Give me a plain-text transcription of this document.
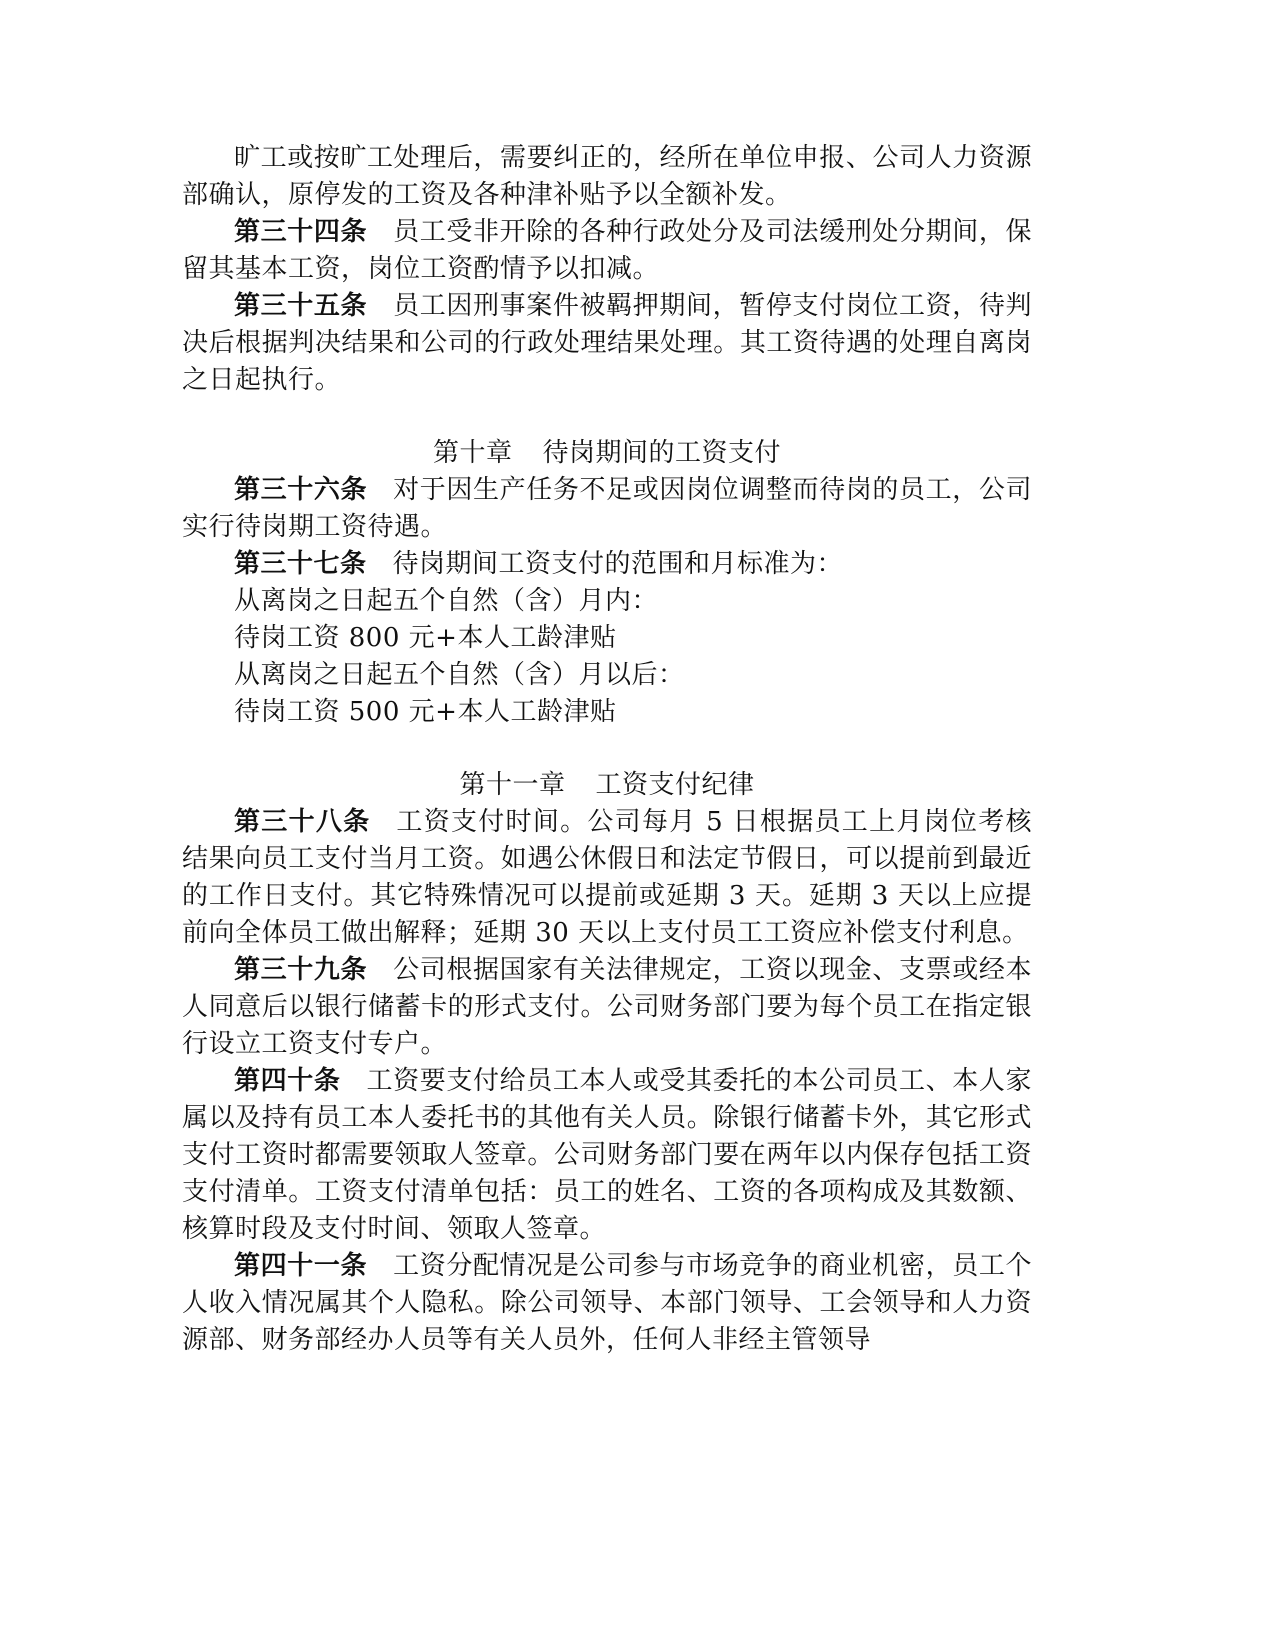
旷工或按旷工处理后，需要纠正的，经所在单位申报、公司人力资源部确认，原停发的工资及各种津补贴予以全额补发。

第三十四条 员工受非开除的各种行政处分及司法缓刑处分期间，保留其基本工资，岗位工资酌情予以扣减。

第三十五条 员工因刑事案件被羁押期间，暂停支付岗位工资，待判决后根据判决结果和公司的行政处理结果处理。其工资待遇的处理自离岗之日起执行。

第十章 待岗期间的工资支付

第三十六条 对于因生产任务不足或因岗位调整而待岗的员工，公司实行待岗期工资待遇。

第三十七条 待岗期间工资支付的范围和月标准为：

从离岗之日起五个自然（含）月内：

待岗工资 800 元+本人工龄津贴

从离岗之日起五个自然（含）月以后：

待岗工资 500 元+本人工龄津贴

第十一章 工资支付纪律

第三十八条 工资支付时间。公司每月 5 日根据员工上月岗位考核结果向员工支付当月工资。如遇公休假日和法定节假日，可以提前到最近的工作日支付。其它特殊情况可以提前或延期 3 天。延期 3 天以上应提前向全体员工做出解释；延期 30 天以上支付员工工资应补偿支付利息。

第三十九条 公司根据国家有关法律规定，工资以现金、支票或经本人同意后以银行储蓄卡的形式支付。公司财务部门要为每个员工在指定银行设立工资支付专户。

第四十条 工资要支付给员工本人或受其委托的本公司员工、本人家属以及持有员工本人委托书的其他有关人员。除银行储蓄卡外，其它形式支付工资时都需要领取人签章。公司财务部门要在两年以内保存包括工资支付清单。工资支付清单包括：员工的姓名、工资的各项构成及其数额、核算时段及支付时间、领取人签章。

第四十一条 工资分配情况是公司参与市场竞争的商业机密，员工个人收入情况属其个人隐私。除公司领导、本部门领导、工会领导和人力资源部、财务部经办人员等有关人员外，任何人非经主管领导
